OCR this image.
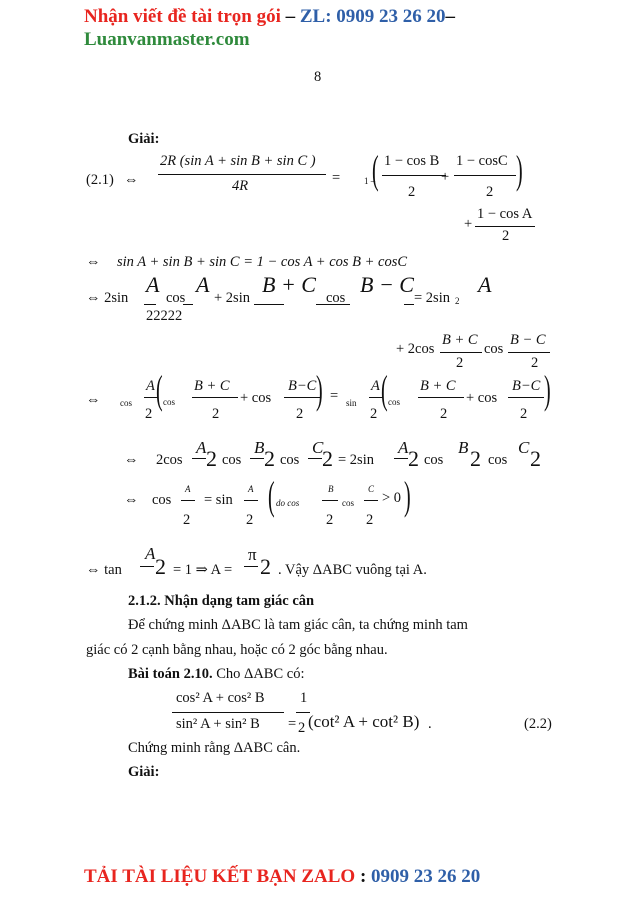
Nhận viết đề tài trọn gói – ZL: 0909 23 26 20–
Luanvanmaster.com
8
Giải:
(2.1) ⇔
2R (sin A + sin B + sin C )
4R	=	1 –
( 1 − cos B
2
+
1 − cosC
2 )
+
1 − cos A
2
⇔ sin A + sin B + sin C = 1 − cos A + cos B + cosC
⇔ 2sin
A
cos
A
+ 2sin
B + C
cos
B − C
= 2sin 2
A
22222
+ 2cos
B + C
2
cos
B − C
2
⇔ cos
A
2
( cos
B + C
2
+ cos
B−C
2
) = sin
A
2
( cos
B + C
2
+ cos
B−C
2
)
⇔ 2cos
A 2 cos
B 2 cos
C
2 = 2sin
A 2 cos
B 2 cos
C 2
⇔ cos
A
2
= sin
A
2
( do cos
B
2
cos
C
2
> 0 )
⇔ tan
A
2 = 1 ⇒ A =
π 2 . Vậy ΔABC vuông tại A.
2.1.2. Nhận dạng tam giác cân
Để chứng minh ΔABC là tam giác cân, ta chứng minh tam
giác có 2 cạnh bằng nhau, hoặc có 2 góc bằng nhau.
Bài toán 2.10. Cho ΔABC có:
cos² A + cos² B 1
sin² A + sin² B = 2 (cot² A + cot² B) .	(2.2)
Chứng minh rằng ΔABC cân.
Giải:
TẢI TÀI LIỆU KẾT BẠN ZALO : 0909 23 26 20
